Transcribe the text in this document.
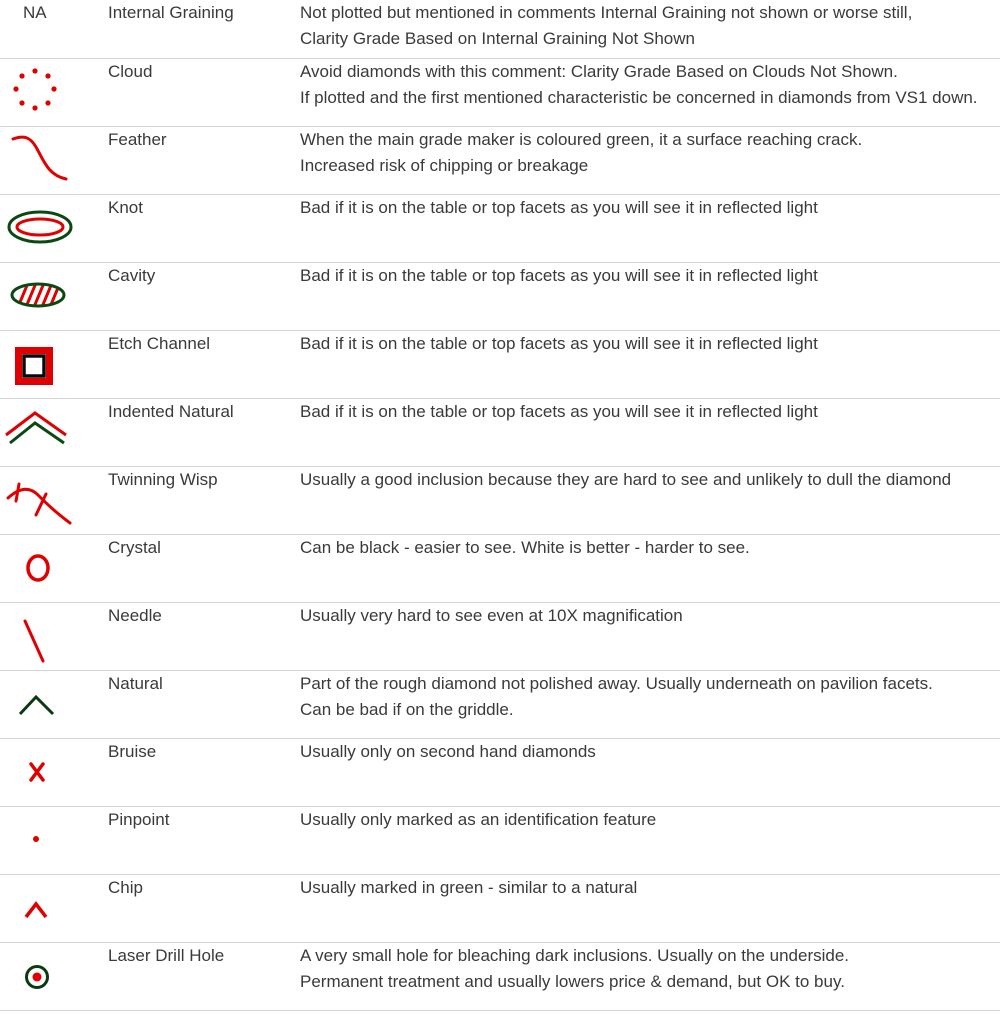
NA	Internal Graining	Not plotted but mentioned in comments Internal Graining not shown or worse still,
Clarity Grade Based on Internal Graining Not Shown
Cloud	Avoid diamonds with this comment: Clarity Grade Based on Clouds Not Shown.
If plotted and the first mentioned characteristic be concerned in diamonds from VS1 down.
Feather	When the main grade maker is coloured green, it a surface reaching crack.
Increased risk of chipping or breakage
Knot	Bad if it is on the table or top facets as you will see it in reflected light
Cavity	Bad if it is on the table or top facets as you will see it in reflected light
Etch Channel	Bad if it is on the table or top facets as you will see it in reflected light
Indented Natural	Bad if it is on the table or top facets as you will see it in reflected light
Twinning Wisp	Usually a good inclusion because they are hard to see and unlikely to dull the diamond
Crystal	Can be black - easier to see. White is better - harder to see.
Needle	Usually very hard to see even at 10X magnification
Natural	Part of the rough diamond not polished away. Usually underneath on pavilion facets.
Can be bad if on the griddle.
Bruise	Usually only on second hand diamonds
Pinpoint	Usually only marked as an identification feature
Chip	Usually marked in green - similar to a natural
Laser Drill Hole	A very small hole for bleaching dark inclusions. Usually on the underside.
Permanent treatment and usually lowers price & demand, but OK to buy.
